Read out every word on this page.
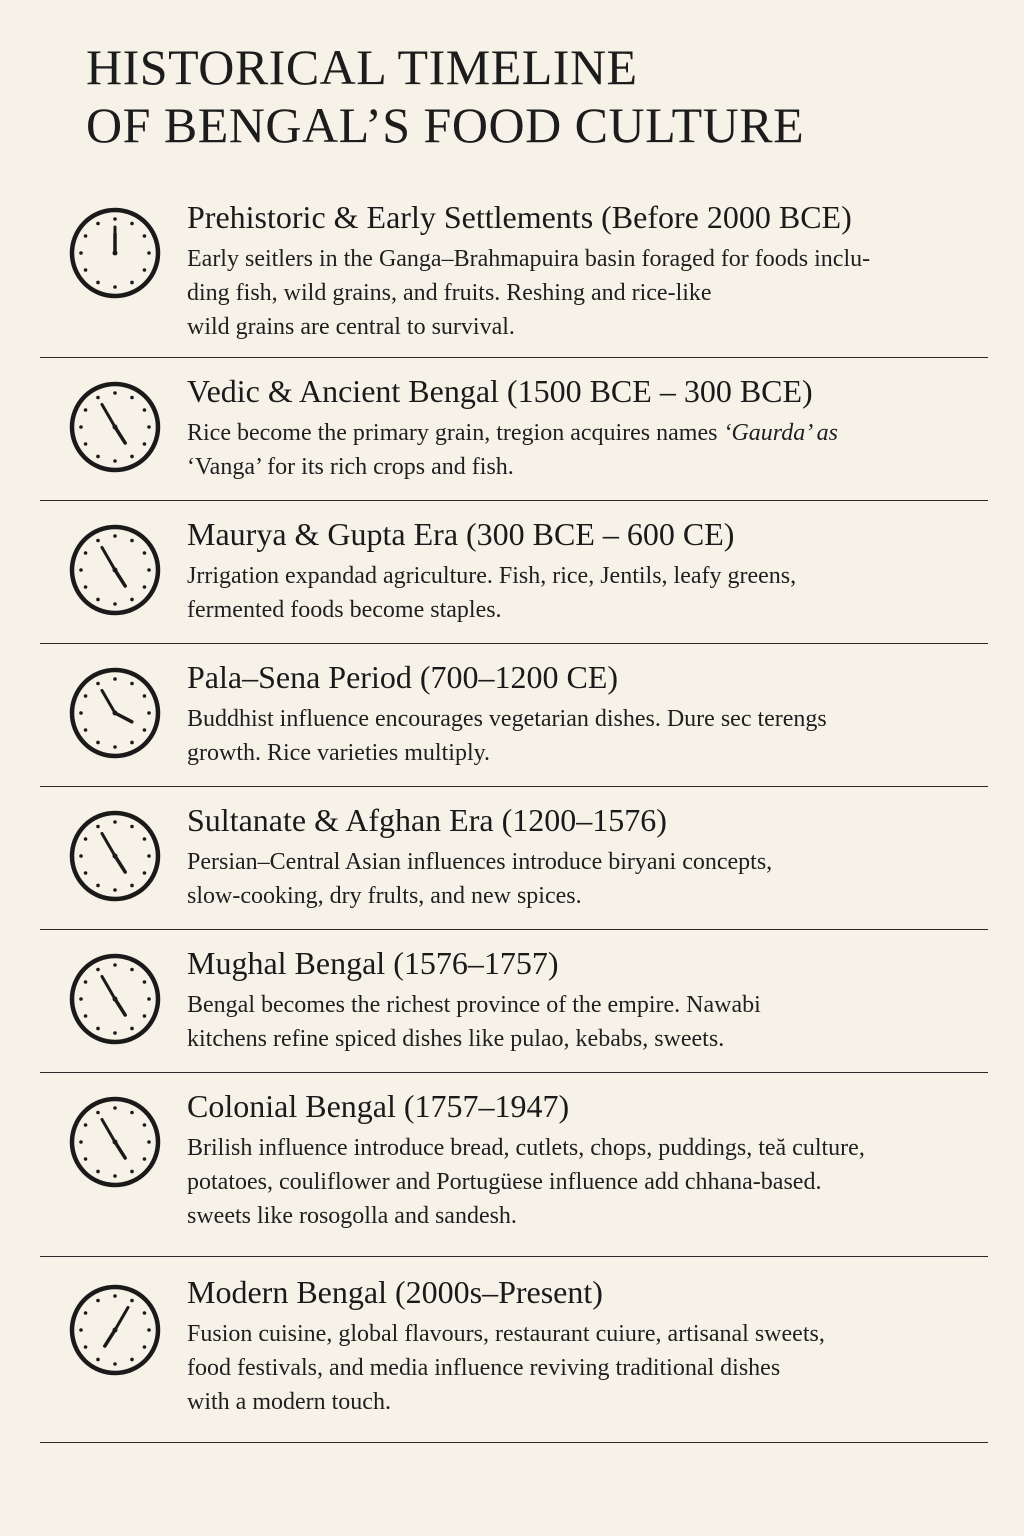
HISTORICAL TIMELINE
OF BENGAL’S FOOD CULTURE
Prehistoric & Early Settlements (Before 2000 BCE)

Early seitlers in the Ganga–Brahmapuira basin foraged for foods inclu-
ding fish, wild grains, and fruits. Reshing and rice-like
wild grains are central to survival.

Vedic & Ancient Bengal (1500 BCE – 300 BCE)

Rice become the primary grain, tregion acquires names ‘Gaurda’ as
‘Vanga’ for its rich crops and fish.

Maurya & Gupta Era (300 BCE – 600 CE)

Jrrigation expandad agriculture. Fish, rice, Jentils, leafy greens,
fermented foods become staples.

Pala–Sena Period (700–1200 CE)

Buddhist influence encourages vegetarian dishes. Dure sec terengs
growth. Rice varieties multiply.

Sultanate & Afghan Era (1200–1576)

Persian–Central Asian influences introduce biryani concepts,
slow-cooking, dry frults, and new spices.

Mughal Bengal (1576–1757)

Bengal becomes the richest province of the empire. Nawabi
kitchens refine spiced dishes like pulao, kebabs, sweets.

Colonial Bengal (1757–1947)

Brilish influence introduce bread, cutlets, chops, puddings, teă culture,
potatoes, couliflower and Portugüese influence add chhana-based.
sweets like rosogolla and sandesh.

Modern Bengal (2000s–Present)

Fusion cuisine, global flavours, restaurant cuiure, artisanal sweets,
food festivals, and media influence reviving traditional dishes
with a modern touch.
